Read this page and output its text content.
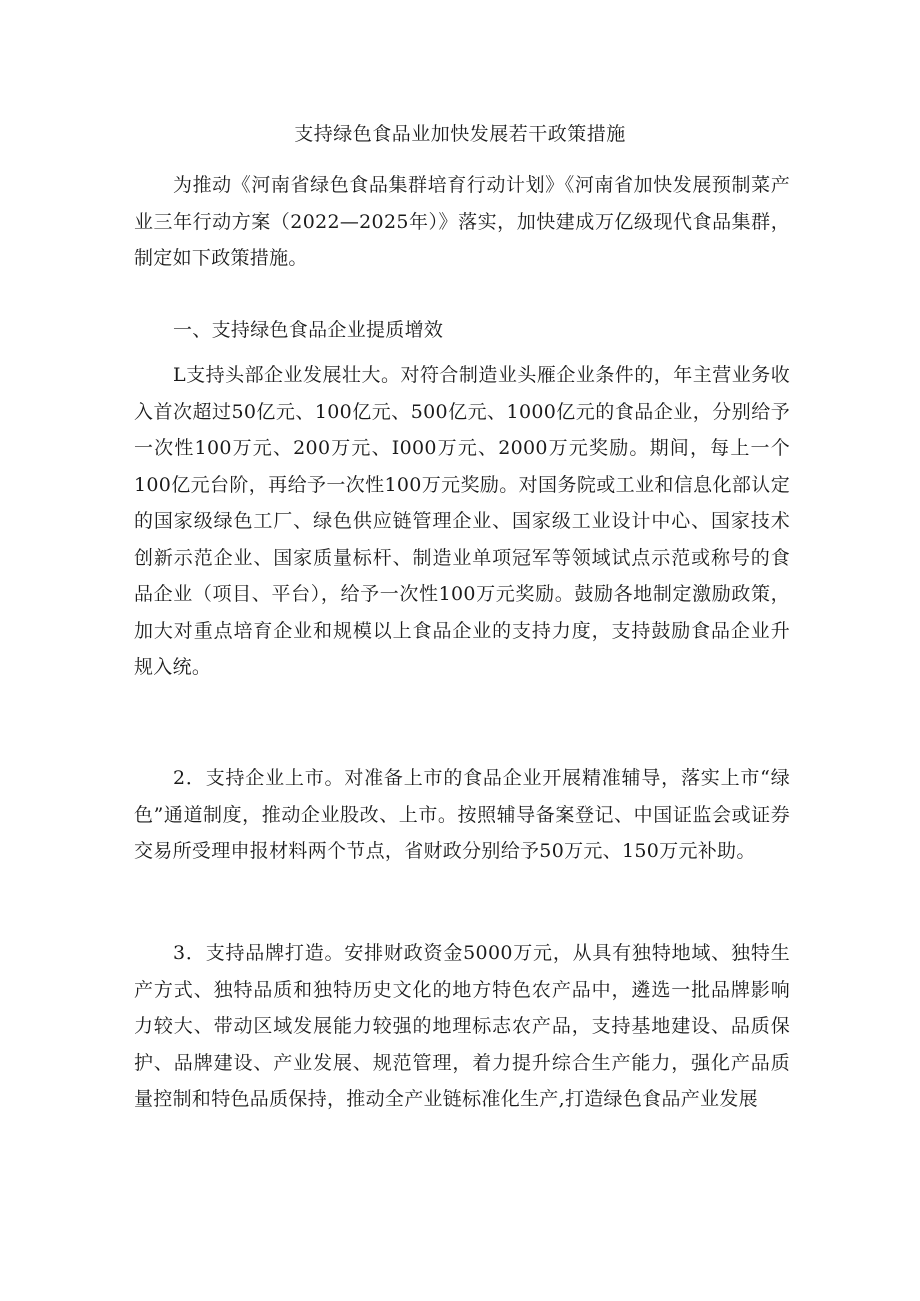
支持绿色食品业加快发展若干政策措施

为推动《河南省绿色食品集群培育行动计划》《河南省加快发展预制菜产业三年行动方案（2022—2025年）》落实，加快建成万亿级现代食品集群，制定如下政策措施。

一、支持绿色食品企业提质增效

L支持头部企业发展壮大。对符合制造业头雁企业条件的，年主营业务收入首次超过50亿元、100亿元、500亿元、1000亿元的食品企业，分别给予一次性100万元、200万元、I000万元、2000万元奖励。期间，每上一个100亿元台阶，再给予一次性100万元奖励。对国务院或工业和信息化部认定的国家级绿色工厂、绿色供应链管理企业、国家级工业设计中心、国家技术创新示范企业、国家质量标杆、制造业单项冠军等领域试点示范或称号的食品企业（项目、平台），给予一次性100万元奖励。鼓励各地制定激励政策，加大对重点培育企业和规模以上食品企业的支持力度，支持鼓励食品企业升规入统。

2．支持企业上市。对准备上市的食品企业开展精准辅导，落实上市“绿色”通道制度，推动企业股改、上市。按照辅导备案登记、中国证监会或证券交易所受理申报材料两个节点，省财政分别给予50万元、150万元补助。

3．支持品牌打造。安排财政资金5000万元，从具有独特地域、独特生产方式、独特品质和独特历史文化的地方特色农产品中，遴选一批品牌影响力较大、带动区域发展能力较强的地理标志农产品，支持基地建设、品质保护、品牌建设、产业发展、规范管理，着力提升综合生产能力，强化产品质量控制和特色品质保持，推动全产业链标准化生产,打造绿色食品产业发展
